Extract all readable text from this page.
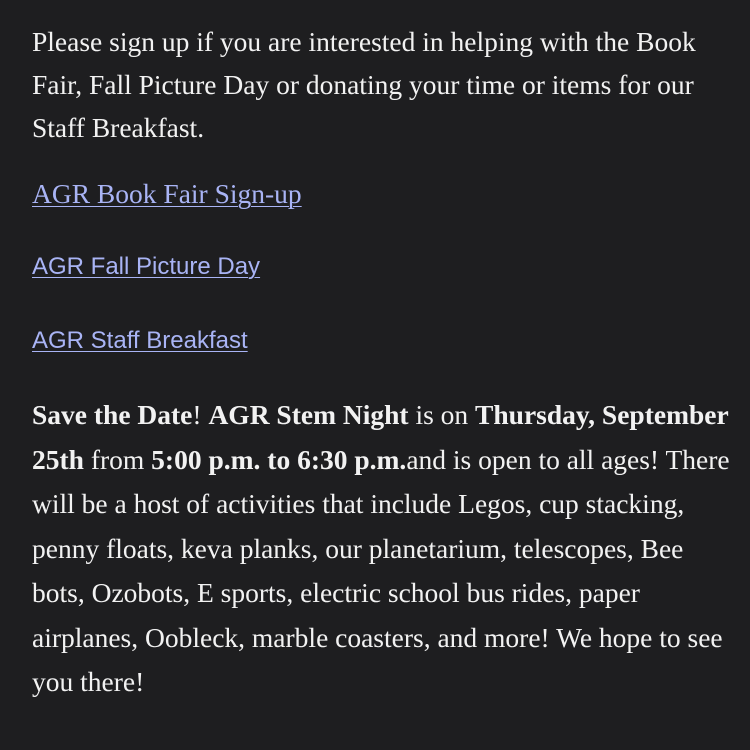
Please sign up if you are interested in helping with the Book Fair, Fall Picture Day or donating your time or items for our Staff Breakfast.

AGR Book Fair Sign-up
AGR Fall Picture Day
AGR Staff Breakfast

Save the Date! AGR Stem Night is on Thursday, September 25th from 5:00 p.m. to 6:30 p.m.and is open to all ages! There will be a host of activities that include Legos, cup stacking, penny floats, keva planks, our planetarium, telescopes, Bee bots, Ozobots, E sports, electric school bus rides, paper airplanes, Oobleck, marble coasters, and more! We hope to see you there!
